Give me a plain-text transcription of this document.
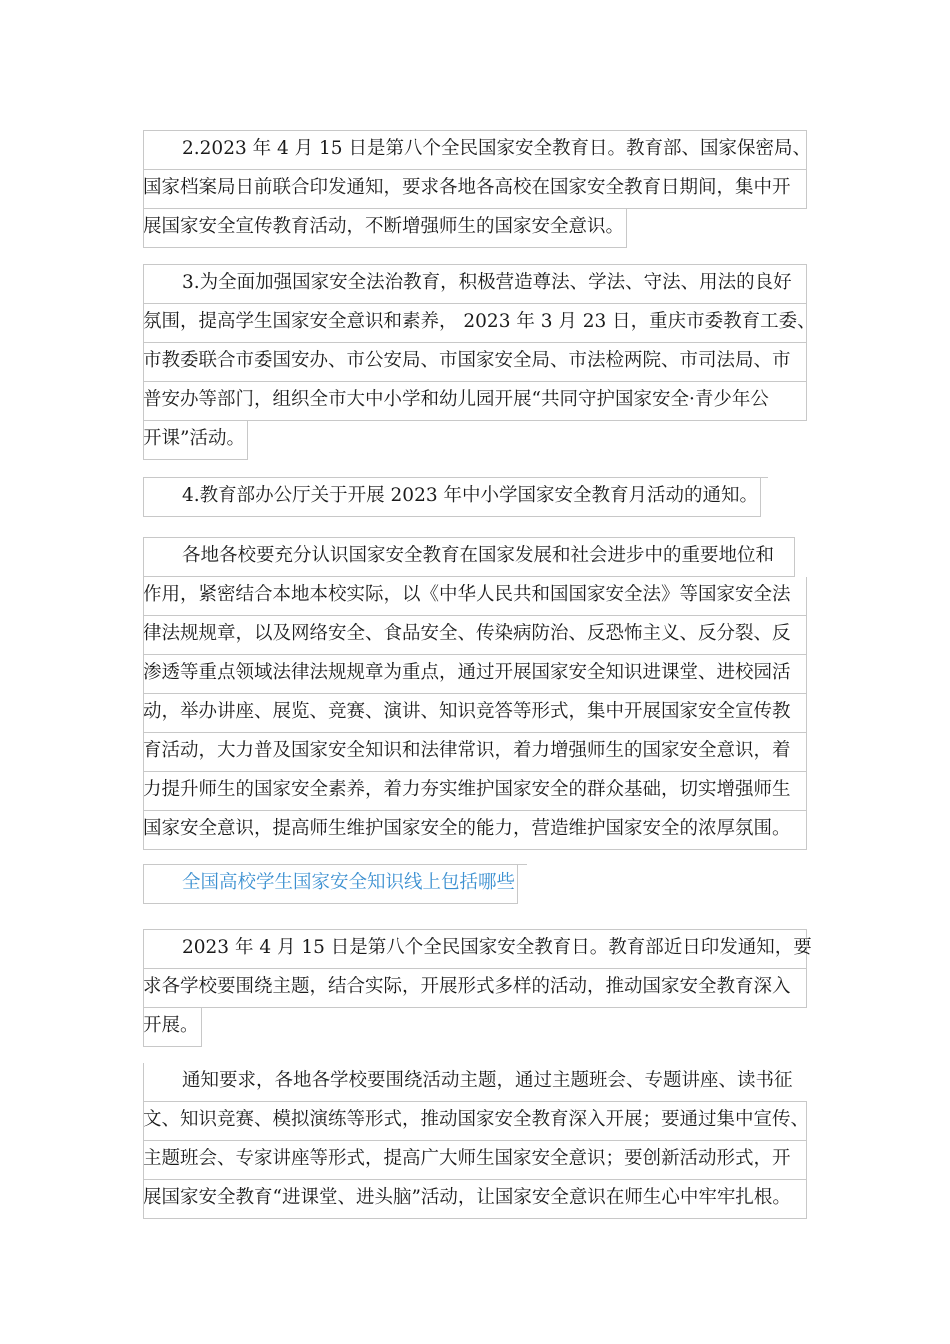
2.2023 年 4 月 15 日是第八个全民国家安全教育日。教育部、国家保密局、
国家档案局日前联合印发通知，要求各地各高校在国家安全教育日期间，集中开
展国家安全宣传教育活动，不断增强师生的国家安全意识。
3.为全面加强国家安全法治教育，积极营造尊法、学法、守法、用法的良好
氛围，提高学生国家安全意识和素养， 2023 年 3 月 23 日，重庆市委教育工委、
市教委联合市委国安办、市公安局、市国家安全局、市法检两院、市司法局、市
普安办等部门，组织全市大中小学和幼儿园开展“共同守护国家安全·青少年公
开课”活动。
4.教育部办公厅关于开展 2023 年中小学国家安全教育月活动的通知。
各地各校要充分认识国家安全教育在国家发展和社会进步中的重要地位和
作用，紧密结合本地本校实际，以《中华人民共和国国家安全法》等国家安全法
律法规规章，以及网络安全、食品安全、传染病防治、反恐怖主义、反分裂、反
渗透等重点领域法律法规规章为重点，通过开展国家安全知识进课堂、进校园活
动，举办讲座、展览、竞赛、演讲、知识竞答等形式，集中开展国家安全宣传教
育活动，大力普及国家安全知识和法律常识，着力增强师生的国家安全意识，着
力提升师生的国家安全素养，着力夯实维护国家安全的群众基础，切实增强师生
国家安全意识，提高师生维护国家安全的能力，营造维护国家安全的浓厚氛围。
全国高校学生国家安全知识线上包括哪些
2023 年 4 月 15 日是第八个全民国家安全教育日。教育部近日印发通知，要
求各学校要围绕主题，结合实际，开展形式多样的活动，推动国家安全教育深入
开展。
通知要求，各地各学校要围绕活动主题，通过主题班会、专题讲座、读书征
文、知识竞赛、模拟演练等形式，推动国家安全教育深入开展；要通过集中宣传、
主题班会、专家讲座等形式，提高广大师生国家安全意识；要创新活动形式，开
展国家安全教育“进课堂、进头脑”活动，让国家安全意识在师生心中牢牢扎根。
